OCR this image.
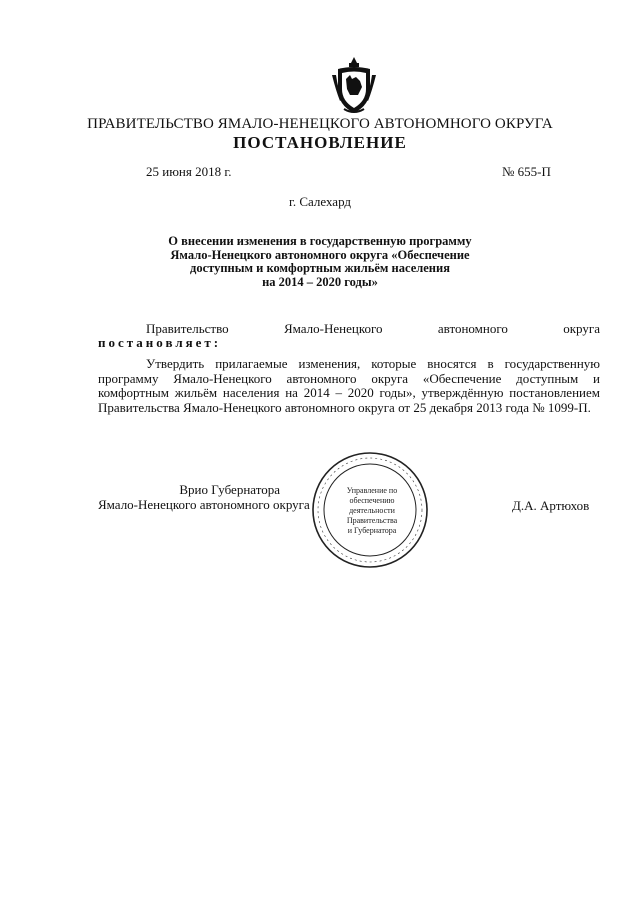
ПРАВИТЕЛЬСТВО ЯМАЛО-НЕНЕЦКОГО АВТОНОМНОГО ОКРУГА
ПОСТАНОВЛЕНИЕ
25 июня 2018 г.	№ 655-П
г. Салехард
О внесении изменения в государственную программу
Ямало-Ненецкого автономного округа «Обеспечение
доступным и комфортным жильём населения
на 2014 – 2020 годы»
Правительство	Ямало-Ненецкого	автономного	округа
постановляет:
Утвердить прилагаемые изменения, которые вносятся в государственную программу Ямало-Ненецкого автономного округа «Обеспечение доступным и комфортным жильём населения на 2014 – 2020 годы», утверждённую постановлением Правительства Ямало-Ненецкого автономного округа от 25 декабря 2013 года № 1099-П.
Управление по
обеспечению
деятельности
Правительства
и Губернатора
Врио Губернатора
Ямало-Ненецкого автономного округа	Д.А. Артюхов
